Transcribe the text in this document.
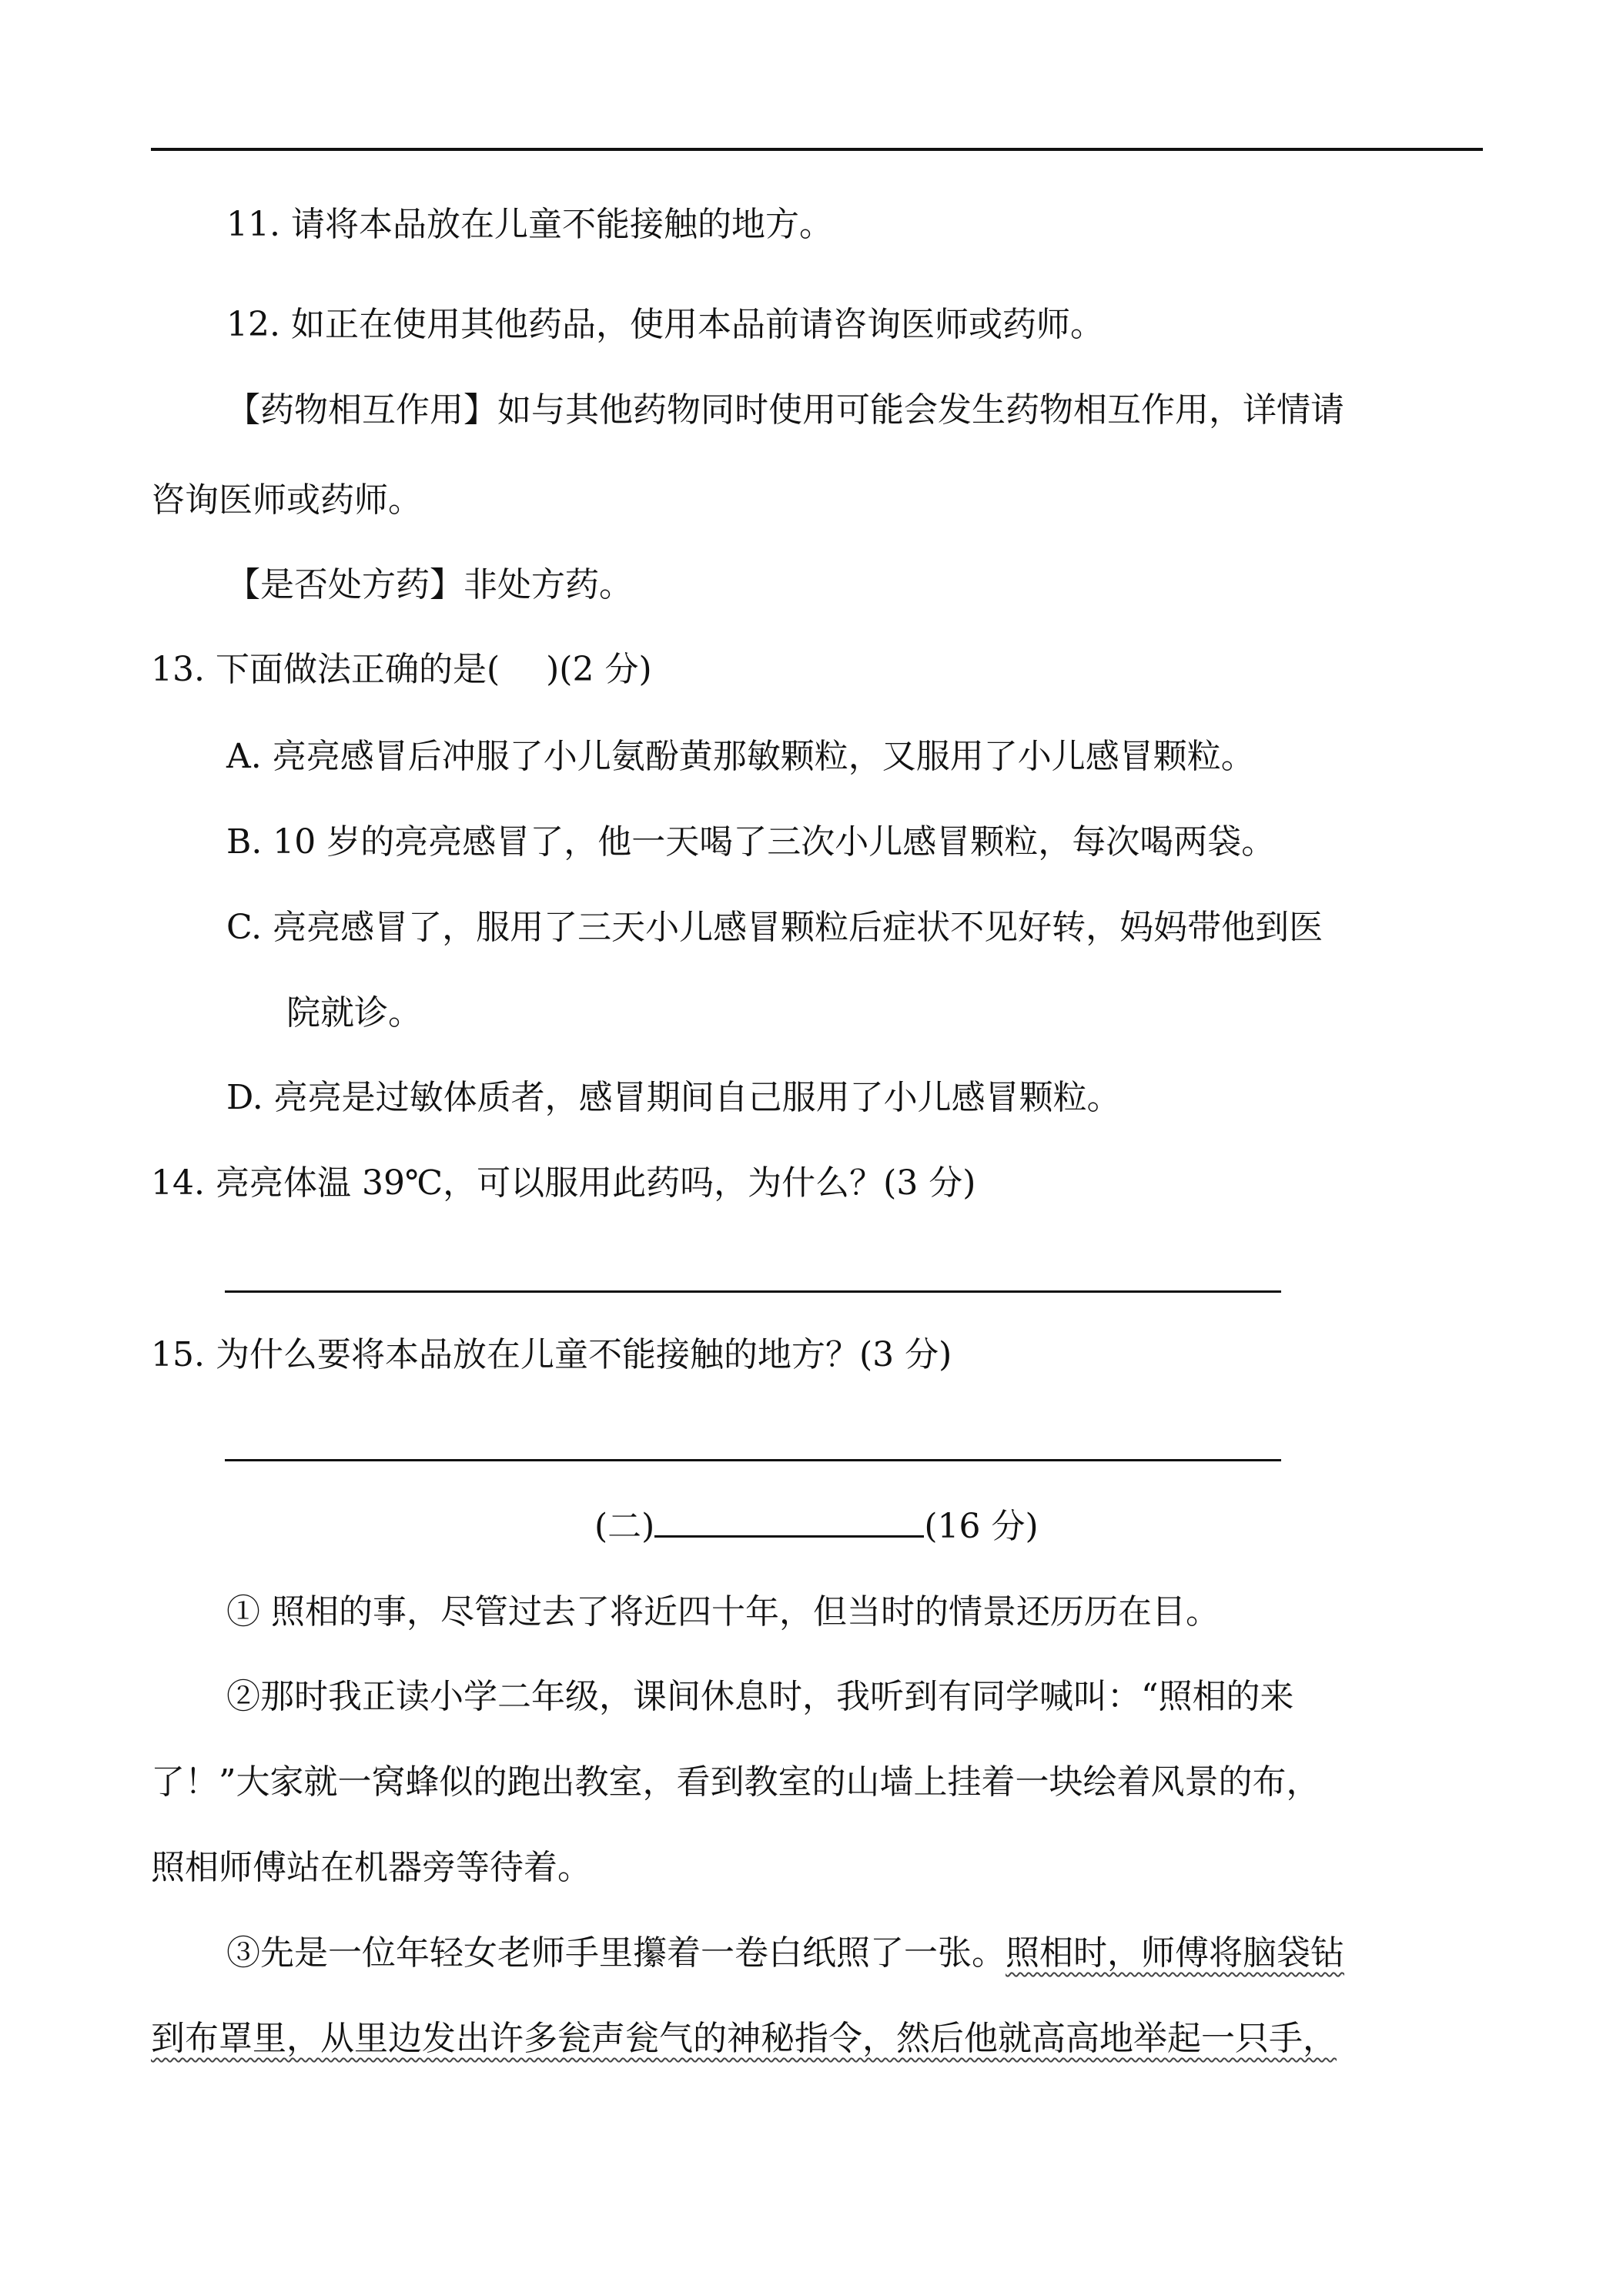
11. 请将本品放在儿童不能接触的地方。
12. 如正在使用其他药品，使用本品前请咨询医师或药师。
【药物相互作用】如与其他药物同时使用可能会发生药物相互作用，详情请
咨询医师或药师。
【是否处方药】非处方药。
13. 下面做法正确的是( )(2 分)
A. 亮亮感冒后冲服了小儿氨酚黄那敏颗粒，又服用了小儿感冒颗粒。
B. 10 岁的亮亮感冒了，他一天喝了三次小儿感冒颗粒，每次喝两袋。
C. 亮亮感冒了，服用了三天小儿感冒颗粒后症状不见好转，妈妈带他到医
院就诊。
D. 亮亮是过敏体质者，感冒期间自己服用了小儿感冒颗粒。
14. 亮亮体温 39℃，可以服用此药吗，为什么？(3 分)
15. 为什么要将本品放在儿童不能接触的地方？(3 分)
(二)	(16 分)
① 照相的事，尽管过去了将近四十年，但当时的情景还历历在目。
②那时我正读小学二年级，课间休息时，我听到有同学喊叫：“照相的来
了！”大家就一窝蜂似的跑出教室，看到教室的山墙上挂着一块绘着风景的布，
照相师傅站在机器旁等待着。
③先是一位年轻女老师手里攥着一卷白纸照了一张。照相时，师傅将脑袋钻
到布罩里，从里边发出许多瓮声瓮气的神秘指令，然后他就高高地举起一只手，
